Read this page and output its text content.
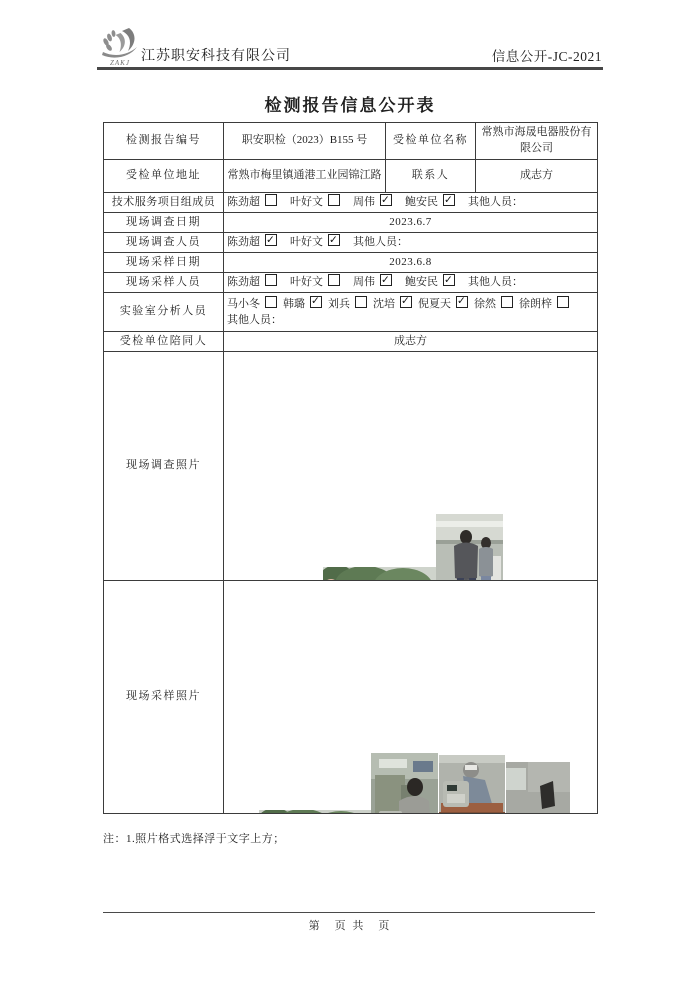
ZAKJ 江苏职安科技有限公司	信息公开-JC-2021
检测报告信息公开表
检测报告编号	职安职检（2023）B155 号	受检单位名称	常熟市海晟电器股份有限公司
受检单位地址	常熟市梅里镇通港工业园锦江路	联系人	成志方
技术服务项目组成员	陈劲超 叶好文 周伟 ✓ 鲍安民 ✓ 其他人员：
现场调查日期	2023.6.7		
现场调查人员	陈劲超 ✓ 叶好文 ✓ 其他人员：
现场采样日期	2023.6.8		
现场采样人员	陈劲超 叶好文 周伟 ✓ 鲍安民 ✓ 其他人员：
实验室分析人员	马小冬 韩璐 ✓ 刘兵 沈培 ✓ 倪夏天 ✓ 徐然 徐朗梓
其他人员：

受检单位陪同人	成志方		
现场调查照片	

现场采样照片	
注：1.照片格式选择浮于文字上方；
第　页 共　页
